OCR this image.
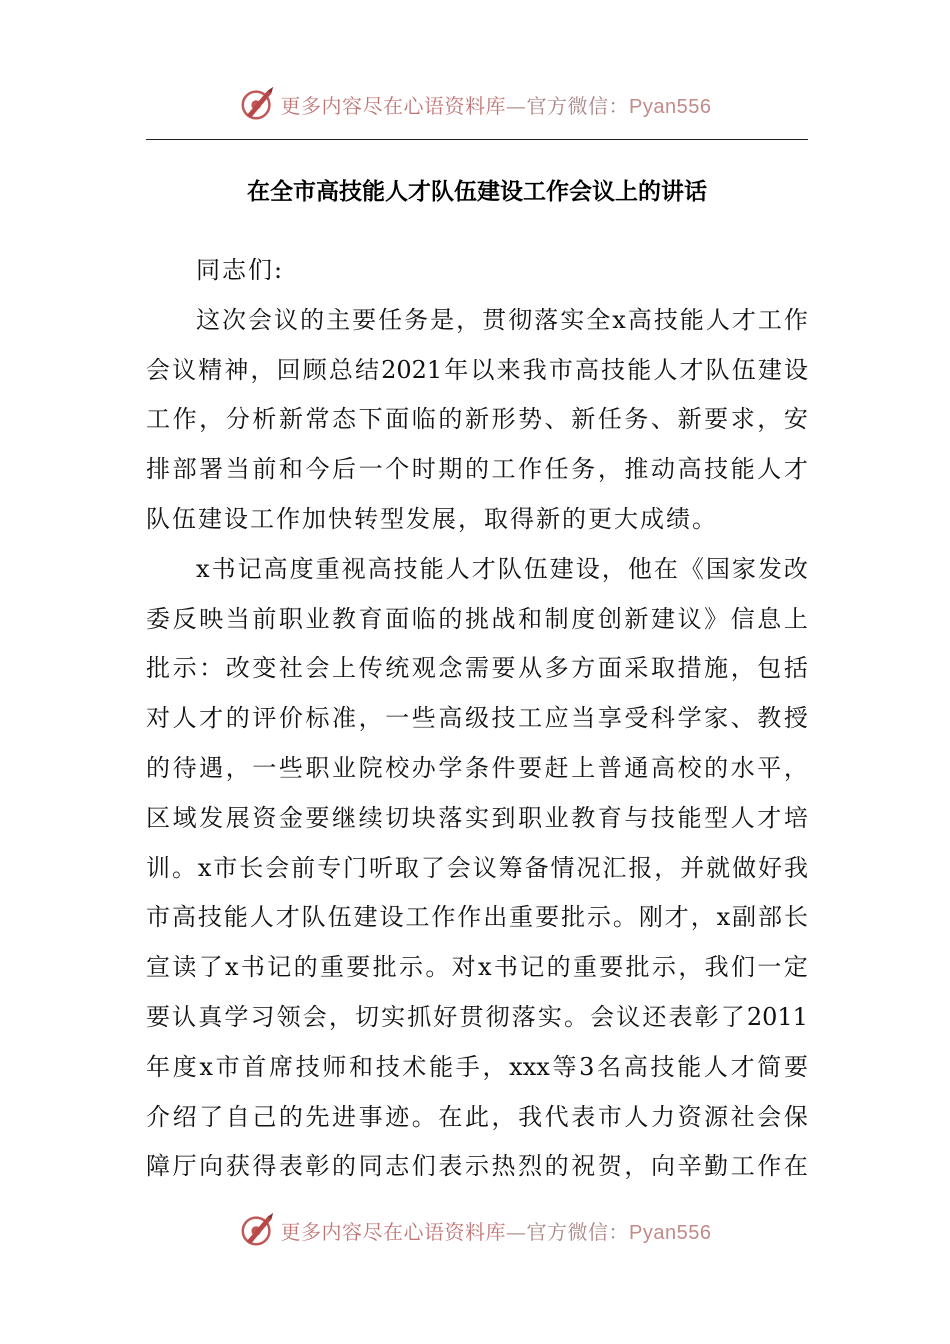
更多内容尽在心语资料库—官方微信：Pyan556
在全市高技能人才队伍建设工作会议上的讲话
同志们:
这 次 会 议 的 主 要 任 务 是 ， 贯 彻 落 实 全 x 高 技 能 人 才 工 作
会 议 精 神 ， 回 顾 总 结 2021 年 以 来 我 市 高 技 能 人 才 队 伍 建 设
工 作 ， 分 析 新 常 态 下 面 临 的 新 形 势 、 新 任 务 、 新 要 求 ， 安
排 部 署 当 前 和 今 后 一 个 时 期 的 工 作 任 务 ， 推 动 高 技 能 人 才
队伍建设工作加快转型发展，取得新的更大成绩。
x 书 记 高 度 重 视 高 技 能 人 才 队 伍 建 设 ， 他 在 《 国 家 发 改
委 反 映 当 前 职 业 教 育 面 临 的 挑 战 和 制 度 创 新 建 议 》 信 息 上
批 示 ： 改 变 社 会 上 传 统 观 念 需 要 从 多 方 面 采 取 措 施 ， 包 括
对 人 才 的 评 价 标 准 ， 一 些 高 级 技 工 应 当 享 受 科 学 家 、 教 授
的 待 遇 ， 一 些 职 业 院 校 办 学 条 件 要 赶 上 普 通 高 校 的 水 平 ，
区 域 发 展 资 金 要 继 续 切 块 落 实 到 职 业 教 育 与 技 能 型 人 才 培
训 。 x 市 长 会 前 专 门 听 取 了 会 议 筹 备 情 况 汇 报 ， 并 就 做 好 我
市 高 技 能 人 才 队 伍 建 设 工 作 作 出 重 要 批 示 。 刚 才 ， x 副 部 长
宣 读 了 x 书 记 的 重 要 批 示 。 对 x 书 记 的 重 要 批 示 ， 我 们 一 定
要 认 真 学 习 领 会 ， 切 实 抓 好 贯 彻 落 实 。 会 议 还 表 彰 了 2011
年 度 x 市 首 席 技 师 和 技 术 能 手 ， xxx 等 3 名 高 技 能 人 才 简 要
介 绍 了 自 己 的 先 进 事 迹 。 在 此 ， 我 代 表 市 人 力 资 源 社 会 保
障 厅 向 获 得 表 彰 的 同 志 们 表 示 热 烈 的 祝 贺 ， 向 辛 勤 工 作 在
更多内容尽在心语资料库—官方微信：Pyan556
